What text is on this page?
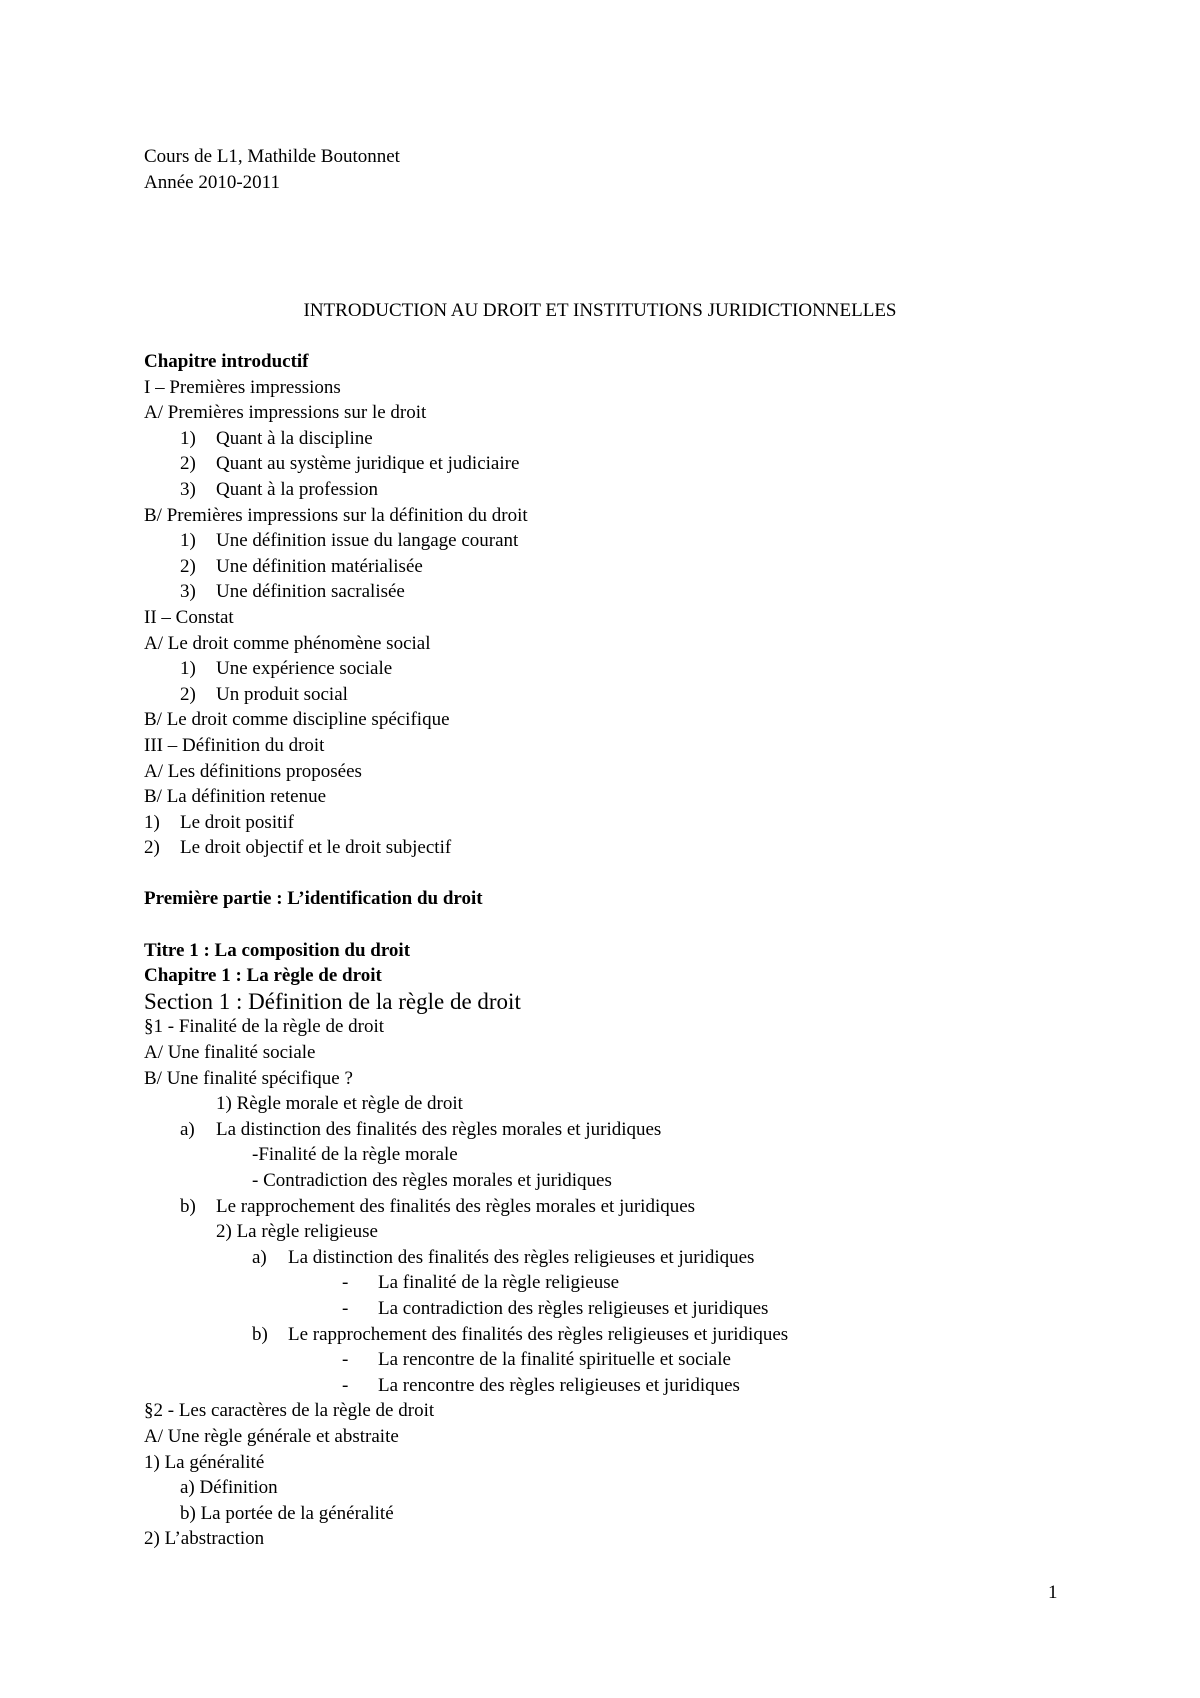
Cours de L1, Mathilde Boutonnet
Année 2010-2011
INTRODUCTION AU DROIT ET INSTITUTIONS JURIDICTIONNELLES
Chapitre introductif
I – Premières impressions
A/ Premières impressions sur le droit
1) Quant à la discipline
2) Quant au système juridique et judiciaire
3) Quant à la profession
B/ Premières impressions sur la définition du droit
1) Une définition issue du langage courant
2) Une définition matérialisée
3) Une définition sacralisée
II – Constat
A/ Le droit comme phénomène social
1) Une expérience sociale
2) Un produit social
B/ Le droit comme discipline spécifique
III – Définition du droit
A/ Les définitions proposées
B/ La définition retenue
1) Le droit positif
2) Le droit objectif et le droit subjectif
Première partie : L’identification du droit
Titre 1 : La composition du droit
Chapitre 1 : La règle de droit
Section 1 : Définition de la règle de droit
§1 - Finalité de la règle de droit
A/ Une finalité sociale
B/ Une finalité spécifique ?
1) Règle morale et règle de droit
a) La distinction des finalités des règles morales et juridiques
-Finalité de la règle morale
- Contradiction des règles morales et juridiques
b) Le rapprochement des finalités des règles morales et juridiques
2) La règle religieuse
a) La distinction des finalités des règles religieuses et juridiques
- La finalité de la règle religieuse
- La contradiction des règles religieuses et juridiques
b) Le rapprochement des finalités des règles religieuses et juridiques
- La rencontre de la finalité spirituelle et sociale
- La rencontre des règles religieuses et juridiques
§2 - Les caractères de la règle de droit
A/ Une règle générale et abstraite
1) La généralité
a) Définition
b) La portée de la généralité
2) L’abstraction
1
